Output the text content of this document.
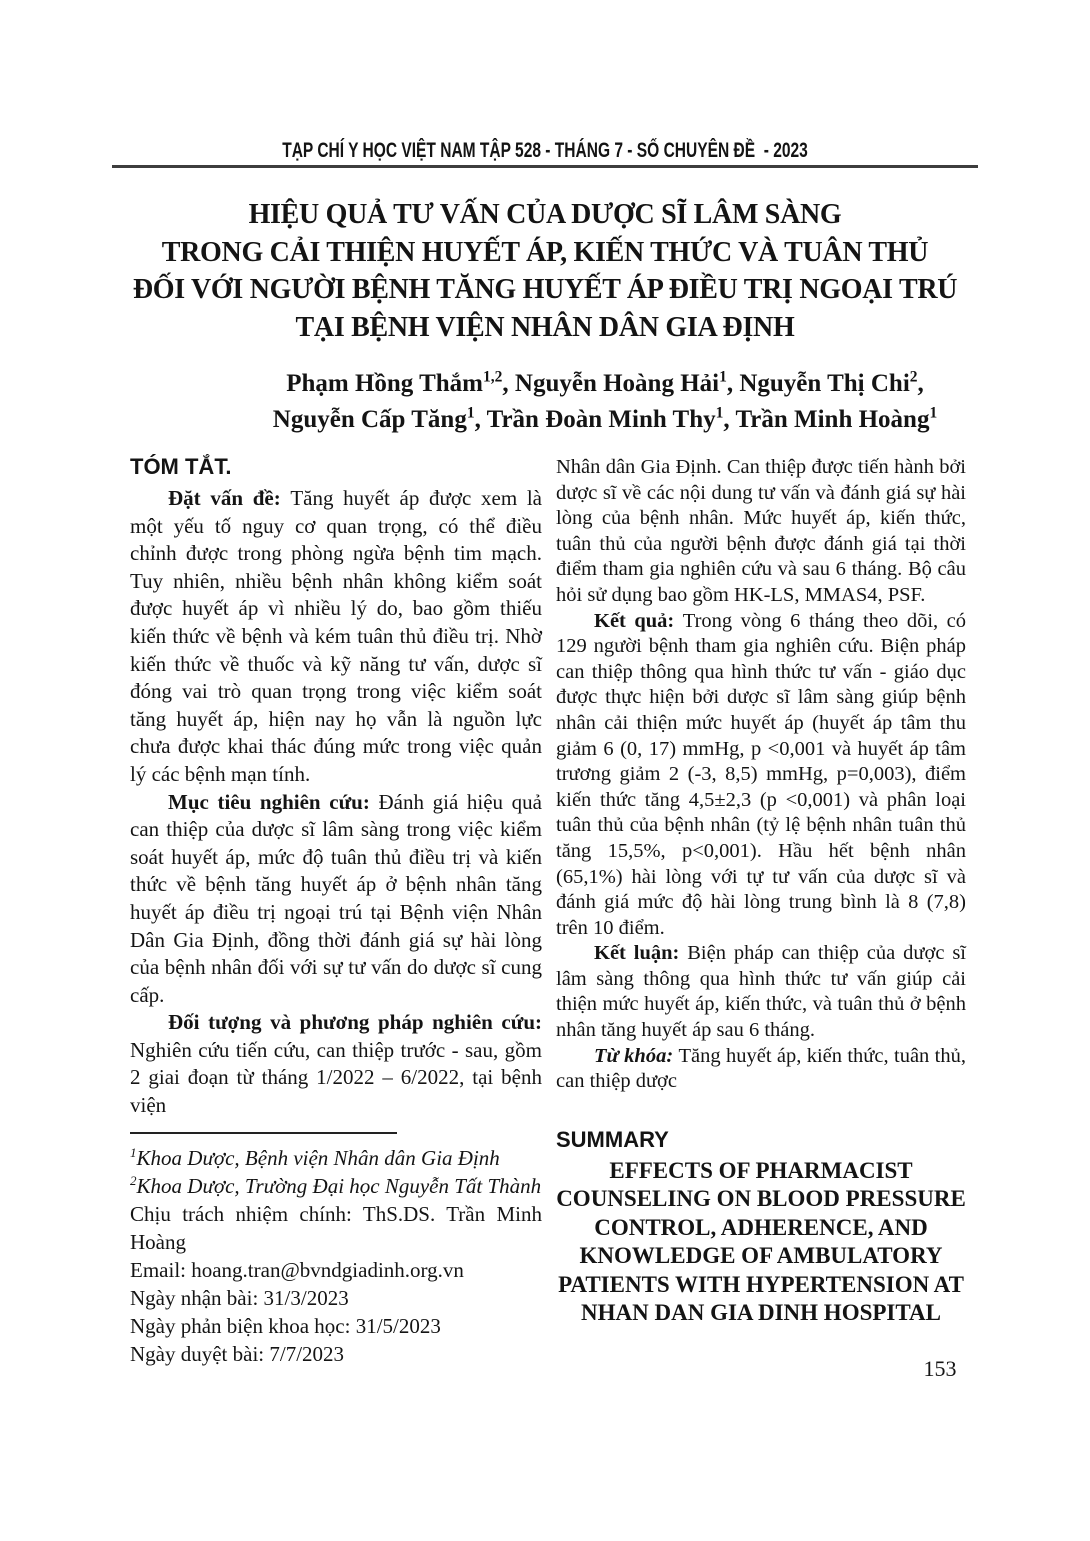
TẠP CHÍ Y HỌC VIỆT NAM TẬP 528 - THÁNG 7 - SỐ CHUYÊN ĐỀ  - 2023
HIỆU QUẢ TƯ VẤN CỦA DƯỢC SĨ LÂM SÀNG
TRONG CẢI THIỆN HUYẾT ÁP, KIẾN THỨC VÀ TUÂN THỦ
ĐỐI VỚI NGƯỜI BỆNH TĂNG HUYẾT ÁP ĐIỀU TRỊ NGOẠI TRÚ
TẠI BỆNH VIỆN NHÂN DÂN GIA ĐỊNH
Phạm Hồng Thắm$^{1,2}$, Nguyễn Hoàng Hải$^1$, Nguyễn Thị Chi$^2$,
Nguyễn Cấp Tăng$^1$, Trần Đoàn Minh Thy$^1$, Trần Minh Hoàng$^1$
TÓM TẮT.

Đặt vấn đề: Tăng huyết áp được xem là một yếu tố nguy cơ quan trọng, có thể điều chỉnh được trong phòng ngừa bệnh tim mạch. Tuy nhiên, nhiều bệnh nhân không kiểm soát được huyết áp vì nhiều lý do, bao gồm thiếu kiến thức về bệnh và kém tuân thủ điều trị. Nhờ kiến thức về thuốc và kỹ năng tư vấn, dược sĩ đóng vai trò quan trọng trong việc kiểm soát tăng huyết áp, hiện nay họ vẫn là nguồn lực chưa được khai thác đúng mức trong việc quản lý các bệnh mạn tính.

Mục tiêu nghiên cứu: Đánh giá hiệu quả can thiệp của dược sĩ lâm sàng trong việc kiểm soát huyết áp, mức độ tuân thủ điều trị và kiến thức về bệnh tăng huyết áp ở bệnh nhân tăng huyết áp điều trị ngoại trú tại Bệnh viện Nhân Dân Gia Định, đồng thời đánh giá sự hài lòng của bệnh nhân đối với sự tư vấn do dược sĩ cung cấp.

Đối tượng và phương pháp nghiên cứu: Nghiên cứu tiến cứu, can thiệp trước - sau, gồm 2 giai đoạn từ tháng 1/2022 – 6/2022, tại bệnh viện

$^1$Khoa Dược, Bệnh viện Nhân dân Gia Định

$^2$Khoa Dược, Trường Đại học Nguyễn Tất Thành

Chịu trách nhiệm chính: ThS.DS. Trần Minh Hoàng

Email: hoang.tran@bvndgiadinh.org.vn

Ngày nhận bài: 31/3/2023

Ngày phản biện khoa học: 31/5/2023

Ngày duyệt bài: 7/7/2023

Nhân dân Gia Định. Can thiệp được tiến hành bởi dược sĩ về các nội dung tư vấn và đánh giá sự hài lòng của bệnh nhân. Mức huyết áp, kiến thức, tuân thủ của người bệnh được đánh giá tại thời điểm tham gia nghiên cứu và sau 6 tháng. Bộ câu hỏi sử dụng bao gồm HK-LS, MMAS4, PSF.

Kết quả: Trong vòng 6 tháng theo dõi, có 129 người bệnh tham gia nghiên cứu. Biện pháp can thiệp thông qua hình thức tư vấn - giáo dục được thực hiện bởi dược sĩ lâm sàng giúp bệnh nhân cải thiện mức huyết áp (huyết áp tâm thu giảm 6 (0, 17) mmHg, p <0,001 và huyết áp tâm trương giảm 2 (-3, 8,5) mmHg, p=0,003), điểm kiến thức tăng 4,5±2,3 (p <0,001) và phân loại tuân thủ của bệnh nhân (tỷ lệ bệnh nhân tuân thủ tăng 15,5%, p<0,001). Hầu hết bệnh nhân (65,1%) hài lòng với tự tư vấn của dược sĩ và đánh giá mức độ hài lòng trung bình là 8 (7,8) trên 10 điểm.

Kết luận: Biện pháp can thiệp của dược sĩ lâm sàng thông qua hình thức tư vấn giúp cải thiện mức huyết áp, kiến thức, và tuân thủ ở bệnh nhân tăng huyết áp sau 6 tháng.

Từ khóa: Tăng huyết áp, kiến thức, tuân thủ, can thiệp dược

SUMMARY
EFFECTS OF PHARMACIST
COUNSELING ON BLOOD PRESSURE
CONTROL, ADHERENCE, AND
KNOWLEDGE OF AMBULATORY
PATIENTS WITH HYPERTENSION AT
NHAN DAN GIA DINH HOSPITAL
153
